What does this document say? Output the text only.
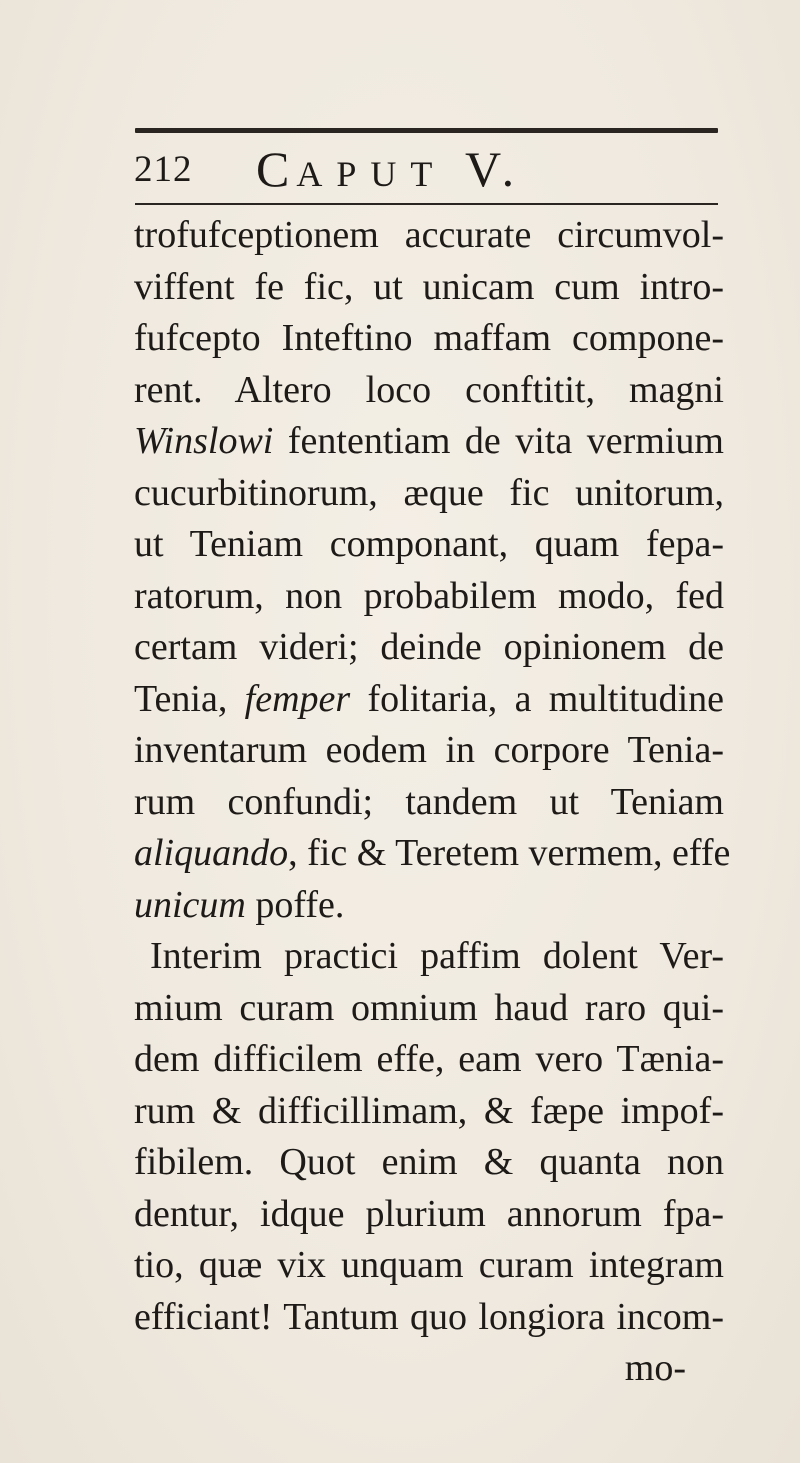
212 CAPUT V.
trofufceptionem accurate circumvol-
viffent fe fic, ut unicam cum intro-
fufcepto Inteftino maffam compone-
rent. Altero loco conftitit, magni
Winslowi fententiam de vita vermium
cucurbitinorum, æque fic unitorum,
ut Teniam componant, quam fepa-
ratorum, non probabilem modo, fed
certam videri; deinde opinionem de
Tenia, femper folitaria, a multitudine
inventarum eodem in corpore Tenia-
rum confundi; tandem ut Teniam
aliquando, fic & Teretem vermem, effe
unicum poffe.
Interim practici paffim dolent Ver-
mium curam omnium haud raro qui-
dem difficilem effe, eam vero Tænia-
rum & difficillimam, & fæpe impof-
fibilem. Quot enim & quanta non
dentur, idque plurium annorum fpa-
tio, quæ vix unquam curam integram
efficiant! Tantum quo longiora incom-
mo-
